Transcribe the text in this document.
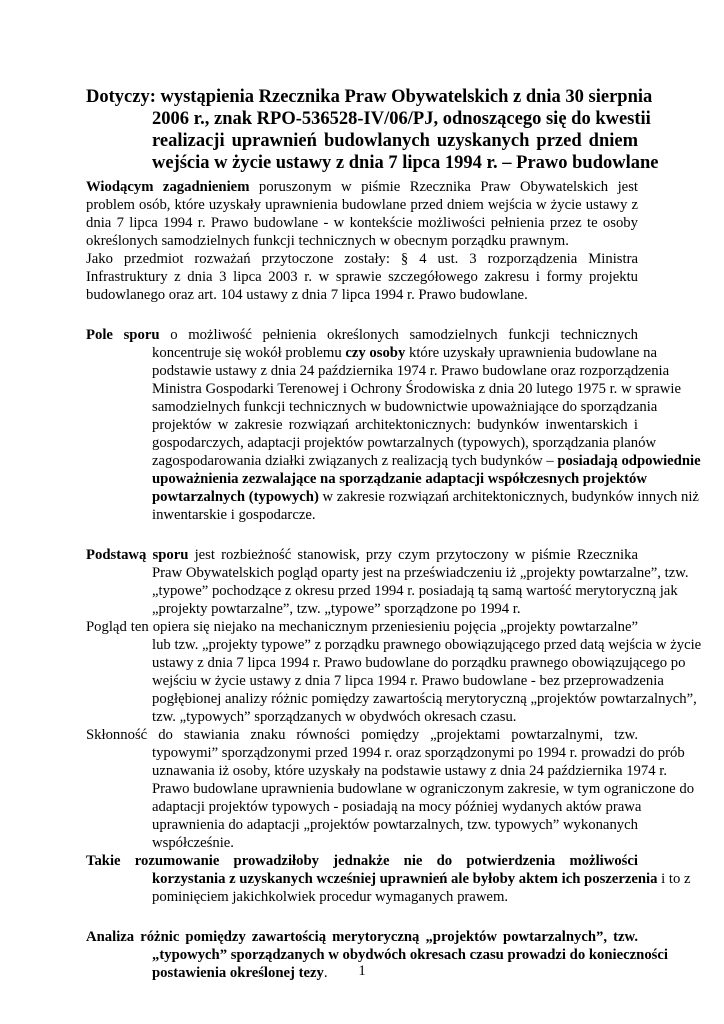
Dotyczy: wystąpienia Rzecznika Praw Obywatelskich z dnia 30 sierpnia
2006 r., znak RPO-536528-IV/06/PJ, odnoszącego się do kwestii
realizacji uprawnień budowlanych uzyskanych przed dniem
wejścia w życie ustawy z dnia 7 lipca 1994 r. – Prawo budowlane
Wiodącym zagadnieniem poruszonym w piśmie Rzecznika Praw Obywatelskich jest
problem osób, które uzyskały uprawnienia budowlane przed dniem wejścia w życie ustawy z
dnia 7 lipca 1994 r. Prawo budowlane - w kontekście możliwości pełnienia przez te osoby
określonych samodzielnych funkcji technicznych w obecnym porządku prawnym.
Jako przedmiot rozważań przytoczone zostały: § 4 ust. 3 rozporządzenia Ministra
Infrastruktury z dnia 3 lipca 2003 r. w sprawie szczegółowego zakresu i formy projektu
budowlanego oraz art. 104 ustawy z dnia 7 lipca 1994 r. Prawo budowlane.
Pole sporu o możliwość pełnienia określonych samodzielnych funkcji technicznych
koncentruje się wokół problemu czy osoby które uzyskały uprawnienia budowlane na
podstawie ustawy z dnia 24 października 1974 r. Prawo budowlane oraz rozporządzenia
Ministra Gospodarki Terenowej i Ochrony Środowiska z dnia 20 lutego 1975 r. w sprawie
samodzielnych funkcji technicznych w budownictwie upoważniające do sporządzania
projektów w zakresie rozwiązań architektonicznych: budynków inwentarskich i
gospodarczych, adaptacji projektów powtarzalnych (typowych), sporządzania planów
zagospodarowania działki związanych z realizacją tych budynków – posiadają odpowiednie
upoważnienia zezwalające na sporządzanie adaptacji współczesnych projektów
powtarzalnych (typowych) w zakresie rozwiązań architektonicznych, budynków innych niż
inwentarskie i gospodarcze.
Podstawą sporu jest rozbieżność stanowisk, przy czym przytoczony w piśmie Rzecznika
Praw Obywatelskich pogląd oparty jest na przeświadczeniu iż „projekty powtarzalne”, tzw.
„typowe” pochodzące z okresu przed 1994 r. posiadają tą samą wartość merytoryczną jak
„projekty powtarzalne”, tzw. „typowe” sporządzone po 1994 r.
Pogląd ten opiera się niejako na mechanicznym przeniesieniu pojęcia „projekty powtarzalne”
lub tzw. „projekty typowe” z porządku prawnego obowiązującego przed datą wejścia w życie
ustawy z dnia 7 lipca 1994 r. Prawo budowlane do porządku prawnego obowiązującego po
wejściu w życie ustawy z dnia 7 lipca 1994 r. Prawo budowlane - bez przeprowadzenia
pogłębionej analizy różnic pomiędzy zawartością merytoryczną „projektów powtarzalnych”,
tzw. „typowych” sporządzanych w obydwóch okresach czasu.
Skłonność do stawiania znaku równości pomiędzy „projektami powtarzalnymi, tzw.
typowymi” sporządzonymi przed 1994 r. oraz sporządzonymi po 1994 r. prowadzi do prób
uznawania iż osoby, które uzyskały na podstawie ustawy z dnia 24 października 1974 r.
Prawo budowlane uprawnienia budowlane w ograniczonym zakresie, w tym ograniczone do
adaptacji projektów typowych - posiadają na mocy później wydanych aktów prawa
uprawnienia do adaptacji „projektów powtarzalnych, tzw. typowych” wykonanych
współcześnie.
Takie rozumowanie prowadziłoby jednakże nie do potwierdzenia możliwości
korzystania z uzyskanych wcześniej uprawnień ale byłoby aktem ich poszerzenia i to z
pominięciem jakichkolwiek procedur wymaganych prawem.
Analiza różnic pomiędzy zawartością merytoryczną „projektów powtarzalnych”, tzw.
„typowych” sporządzanych w obydwóch okresach czasu prowadzi do konieczności
postawienia określonej tezy.	1
